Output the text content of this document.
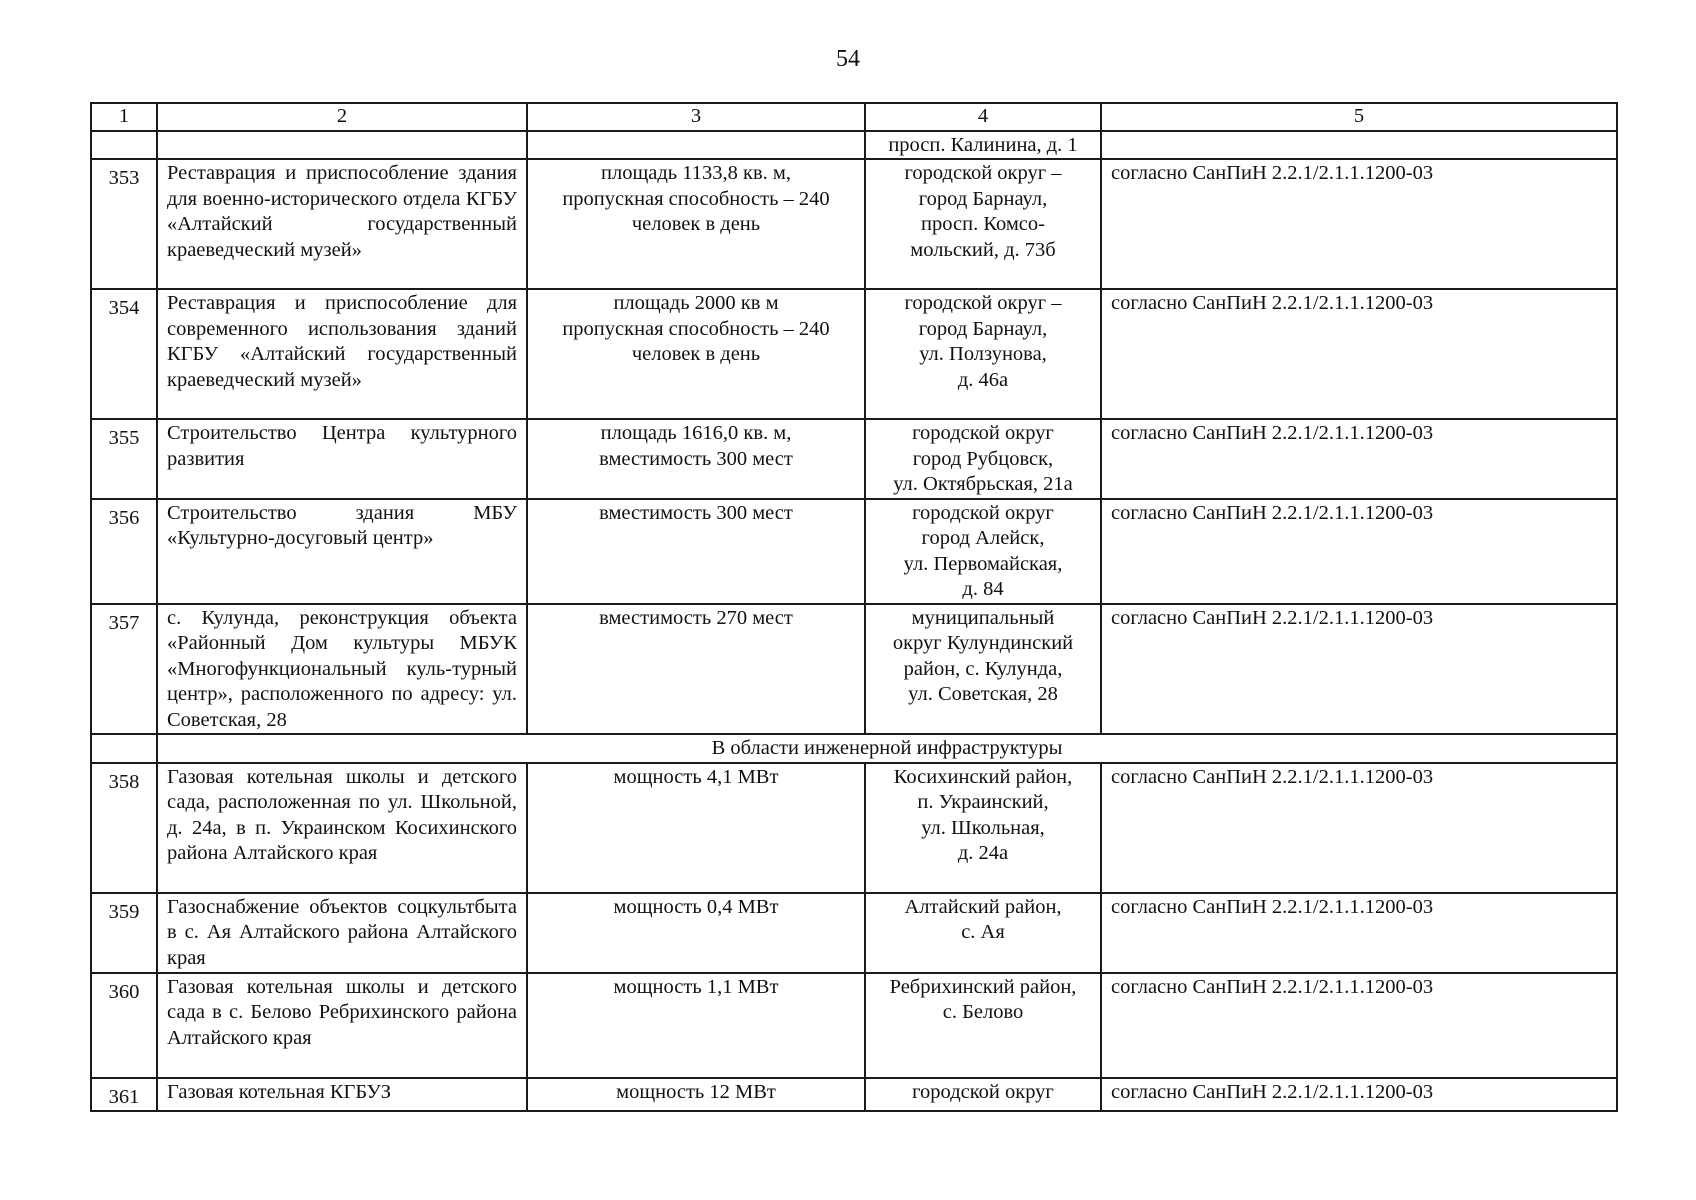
54
1	2	3	4	5
			просп. Калинина, д. 1	
353	Реставрация и приспособление здания для военно-исторического отдела КГБУ «Алтайский государственный краеведческий музей»	площадь 1133,8 кв. м,
пропускная способность – 240
человек в день	городской округ –
город Барнаул,
просп. Комсо-
мольский, д. 73б	согласно СанПиН 2.2.1/2.1.1.1200-03
354	Реставрация и приспособление для современного использования зданий КГБУ «Алтайский государственный краеведческий музей»	площадь 2000 кв м
пропускная способность – 240
человек в день	городской округ –
город Барнаул,
ул. Ползунова,
д. 46а	согласно СанПиН 2.2.1/2.1.1.1200-03
355	Строительство Центра культурного развития	площадь 1616,0 кв. м,
вместимость 300 мест	городской округ
город Рубцовск,
ул. Октябрьская, 21а	согласно СанПиН 2.2.1/2.1.1.1200-03
356	Строительство здания МБУ «Культурно-досуговый центр»	вместимость 300 мест	городской округ
город Алейск,
ул. Первомайская,
д. 84	согласно СанПиН 2.2.1/2.1.1.1200-03
357	с. Кулунда, реконструкция объекта «Районный Дом культуры МБУК «Многофункциональный куль-турный центр», расположенного по адресу: ул. Советская, 28	вместимость 270 мест	муниципальный
округ Кулундинский
район, с. Кулунда,
ул. Советская, 28	согласно СанПиН 2.2.1/2.1.1.1200-03
	В области инженерной инфраструктуры			
358	Газовая котельная школы и детского сада, расположенная по ул. Школьной, д. 24а, в п. Украинском Косихинского района Алтайского края	мощность 4,1 МВт	Косихинский район,
п. Украинский,
ул. Школьная,
д. 24а	согласно СанПиН 2.2.1/2.1.1.1200-03
359	Газоснабжение объектов соцкультбыта в с. Ая Алтайского района Алтайского края	мощность 0,4 МВт	Алтайский район,
с. Ая	согласно СанПиН 2.2.1/2.1.1.1200-03
360	Газовая котельная школы и детского сада в с. Белово Ребрихинского района Алтайского края	мощность 1,1 МВт	Ребрихинский район,
с. Белово	согласно СанПиН 2.2.1/2.1.1.1200-03
361	Газовая котельная КГБУЗ	мощность 12 МВт	городской округ	согласно СанПиН 2.2.1/2.1.1.1200-03
